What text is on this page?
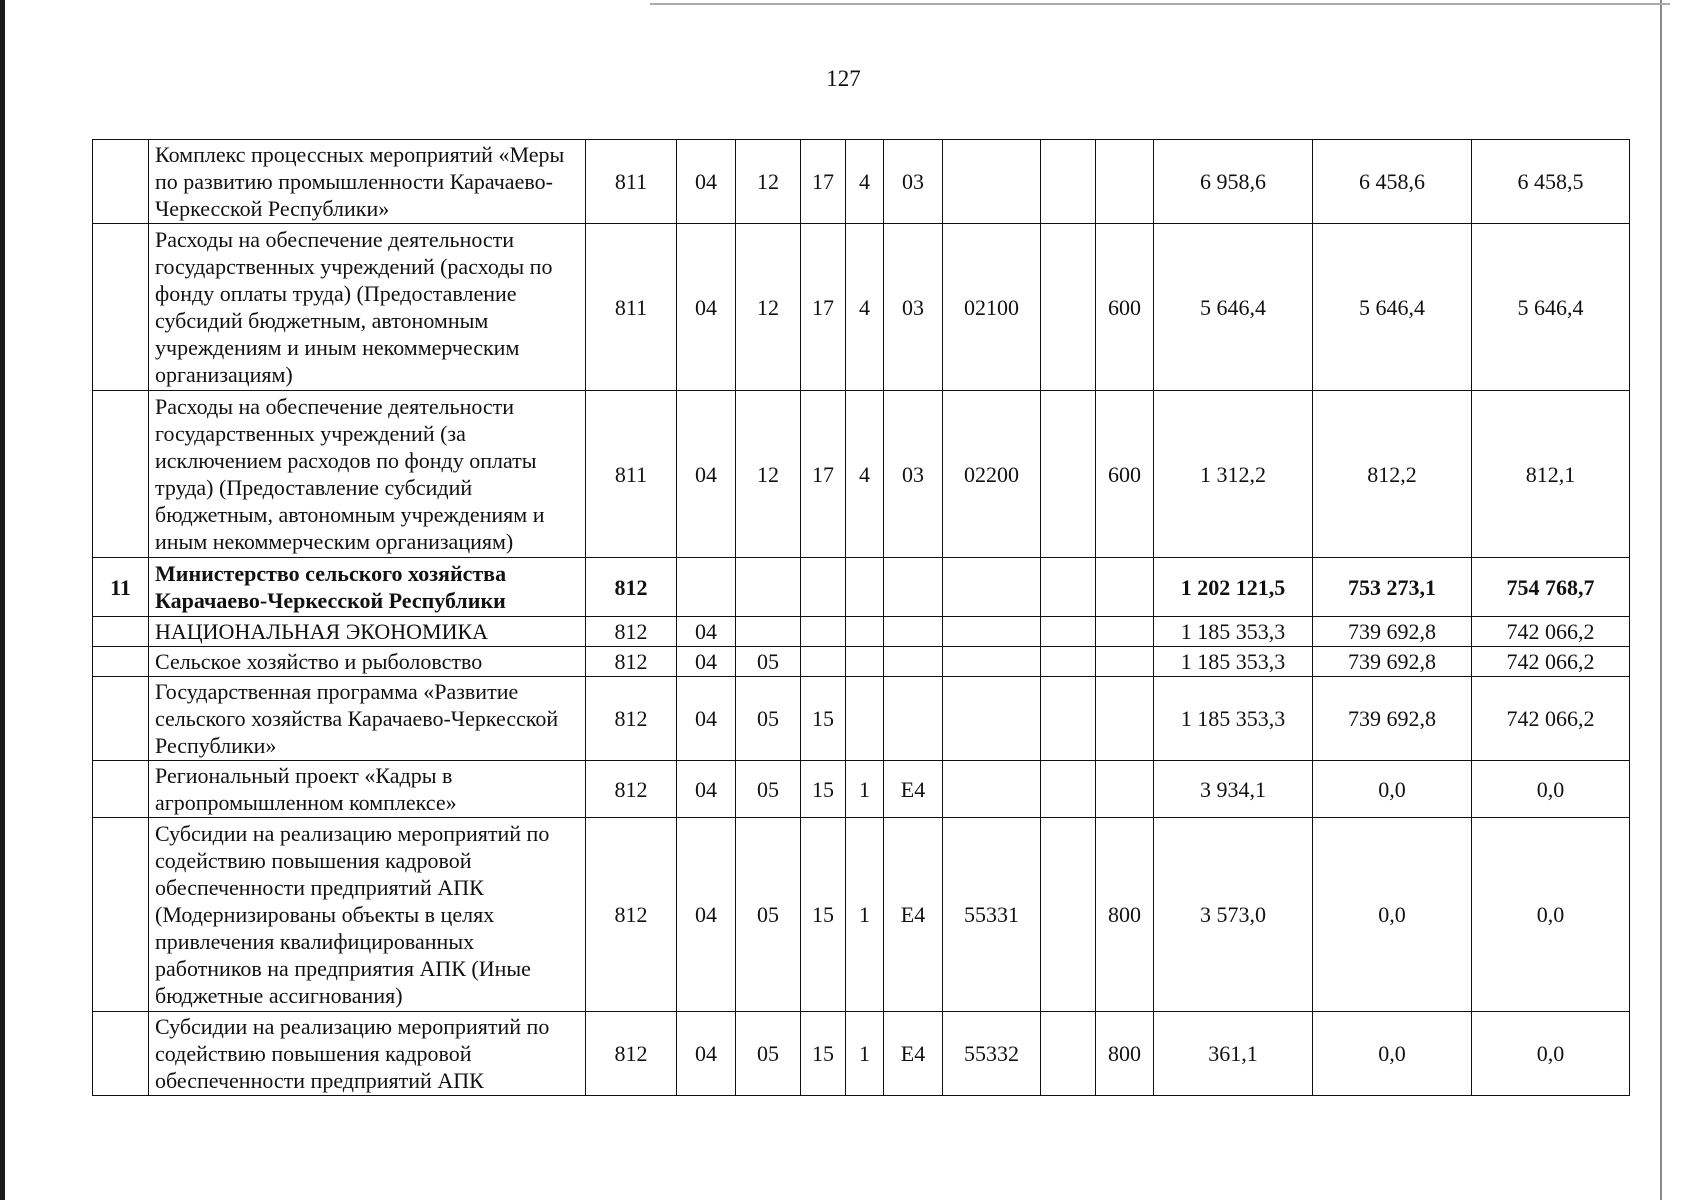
127
	Комплекс процессных мероприятий «Меры по развитию промышленности Карачаево-Черкесской Республики»	811	04	12	17	4	03				6 958,6	6 458,6	6 458,5
	Расходы на обеспечение деятельности государственных учреждений (расходы по фонду оплаты труда) (Предоставление субсидий бюджетным, автономным учреждениям и иным некоммерческим организациям)	811	04	12	17	4	03	02100		600	5 646,4	5 646,4	5 646,4
	Расходы на обеспечение деятельности государственных учреждений (за исключением расходов по фонду оплаты труда) (Предоставление субсидий бюджетным, автономным учреждениям и иным некоммерческим организациям)	811	04	12	17	4	03	02200		600	1 312,2	812,2	812,1
11	Министерство сельского хозяйства Карачаево-Черкесской Республики	812									1 202 121,5	753 273,1	754 768,7
	НАЦИОНАЛЬНАЯ ЭКОНОМИКА	812	04								1 185 353,3	739 692,8	742 066,2
	Сельское хозяйство и рыболовство	812	04	05							1 185 353,3	739 692,8	742 066,2
	Государственная программа «Развитие сельского хозяйства Карачаево-Черкесской Республики»	812	04	05	15						1 185 353,3	739 692,8	742 066,2
	Региональный проект «Кадры в агропромышленном комплексе»	812	04	05	15	1	E4				3 934,1	0,0	0,0
	Субсидии на реализацию мероприятий по содействию повышения кадровой обеспеченности предприятий АПК (Модернизированы объекты в целях привлечения квалифицированных работников на предприятия АПК (Иные бюджетные ассигнования)	812	04	05	15	1	E4	55331		800	3 573,0	0,0	0,0
	Субсидии на реализацию мероприятий по содействию повышения кадровой обеспеченности предприятий АПК	812	04	05	15	1	E4	55332		800	361,1	0,0	0,0
